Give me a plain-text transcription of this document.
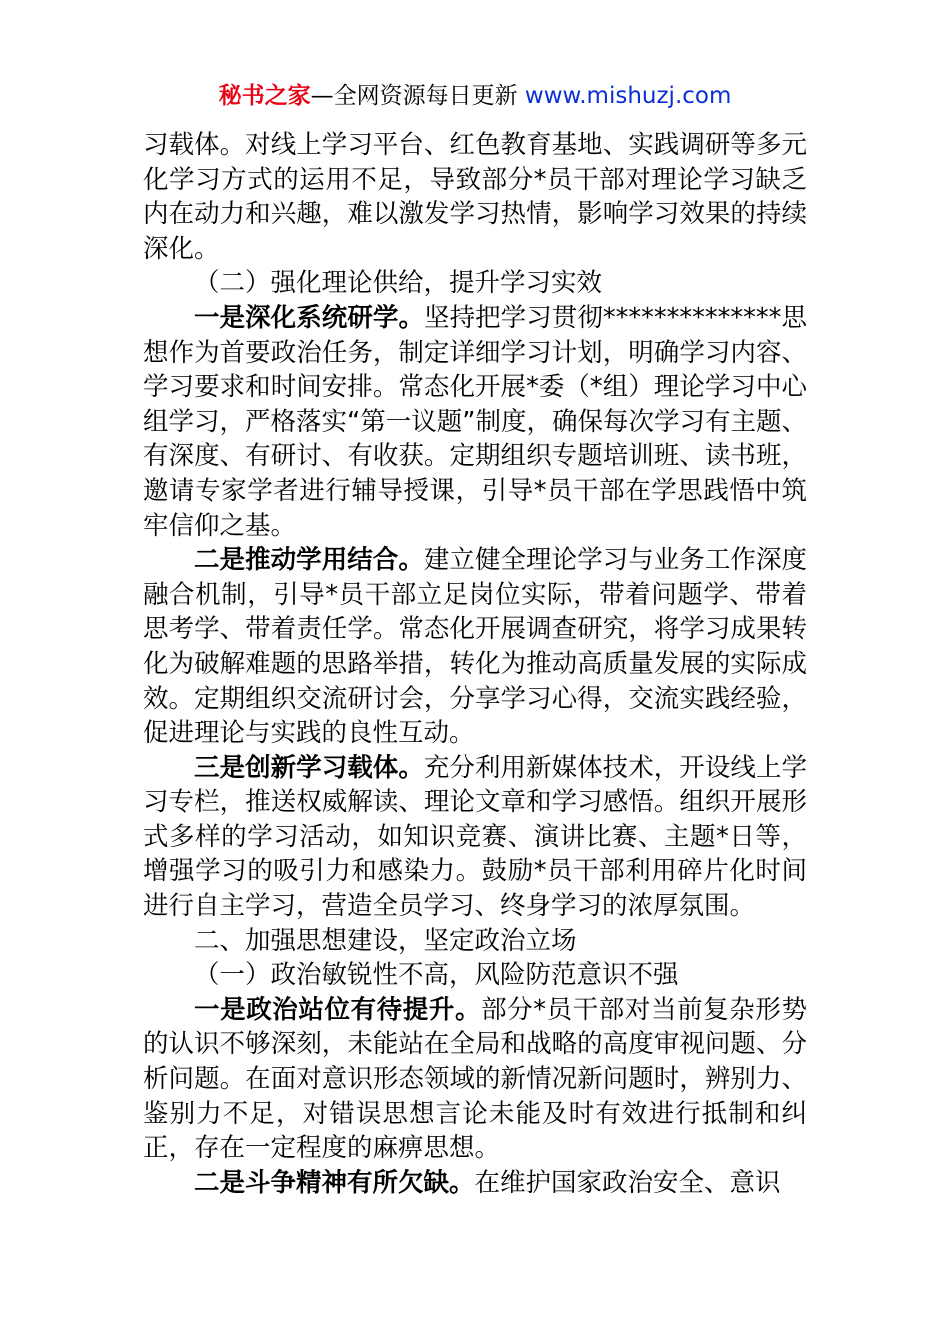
秘书之家—全网资源每日更新 www.mishuzj.com

习载体。对线上学习平台、红色教育基地、实践调研等多元化学习方式的运用不足，导致部分*员干部对理论学习缺乏内在动力和兴趣，难以激发学习热情，影响学习效果的持续深化。

（二）强化理论供给，提升学习实效

一是深化系统研学。坚持把学习贯彻**************思想作为首要政治任务，制定详细学习计划，明确学习内容、学习要求和时间安排。常态化开展*委（*组）理论学习中心组学习，严格落实“第一议题”制度，确保每次学习有主题、有深度、有研讨、有收获。定期组织专题培训班、读书班，邀请专家学者进行辅导授课，引导*员干部在学思践悟中筑牢信仰之基。

二是推动学用结合。建立健全理论学习与业务工作深度融合机制，引导*员干部立足岗位实际，带着问题学、带着思考学、带着责任学。常态化开展调查研究，将学习成果转化为破解难题的思路举措，转化为推动高质量发展的实际成效。定期组织交流研讨会，分享学习心得，交流实践经验，促进理论与实践的良性互动。

三是创新学习载体。充分利用新媒体技术，开设线上学习专栏，推送权威解读、理论文章和学习感悟。组织开展形式多样的学习活动，如知识竞赛、演讲比赛、主题*日等，增强学习的吸引力和感染力。鼓励*员干部利用碎片化时间进行自主学习，营造全员学习、终身学习的浓厚氛围。

二、加强思想建设，坚定政治立场

（一）政治敏锐性不高，风险防范意识不强

一是政治站位有待提升。部分*员干部对当前复杂形势的认识不够深刻，未能站在全局和战略的高度审视问题、分析问题。在面对意识形态领域的新情况新问题时，辨别力、鉴别力不足，对错误思想言论未能及时有效进行抵制和纠正，存在一定程度的麻痹思想。

二是斗争精神有所欠缺。在维护国家政治安全、意识
